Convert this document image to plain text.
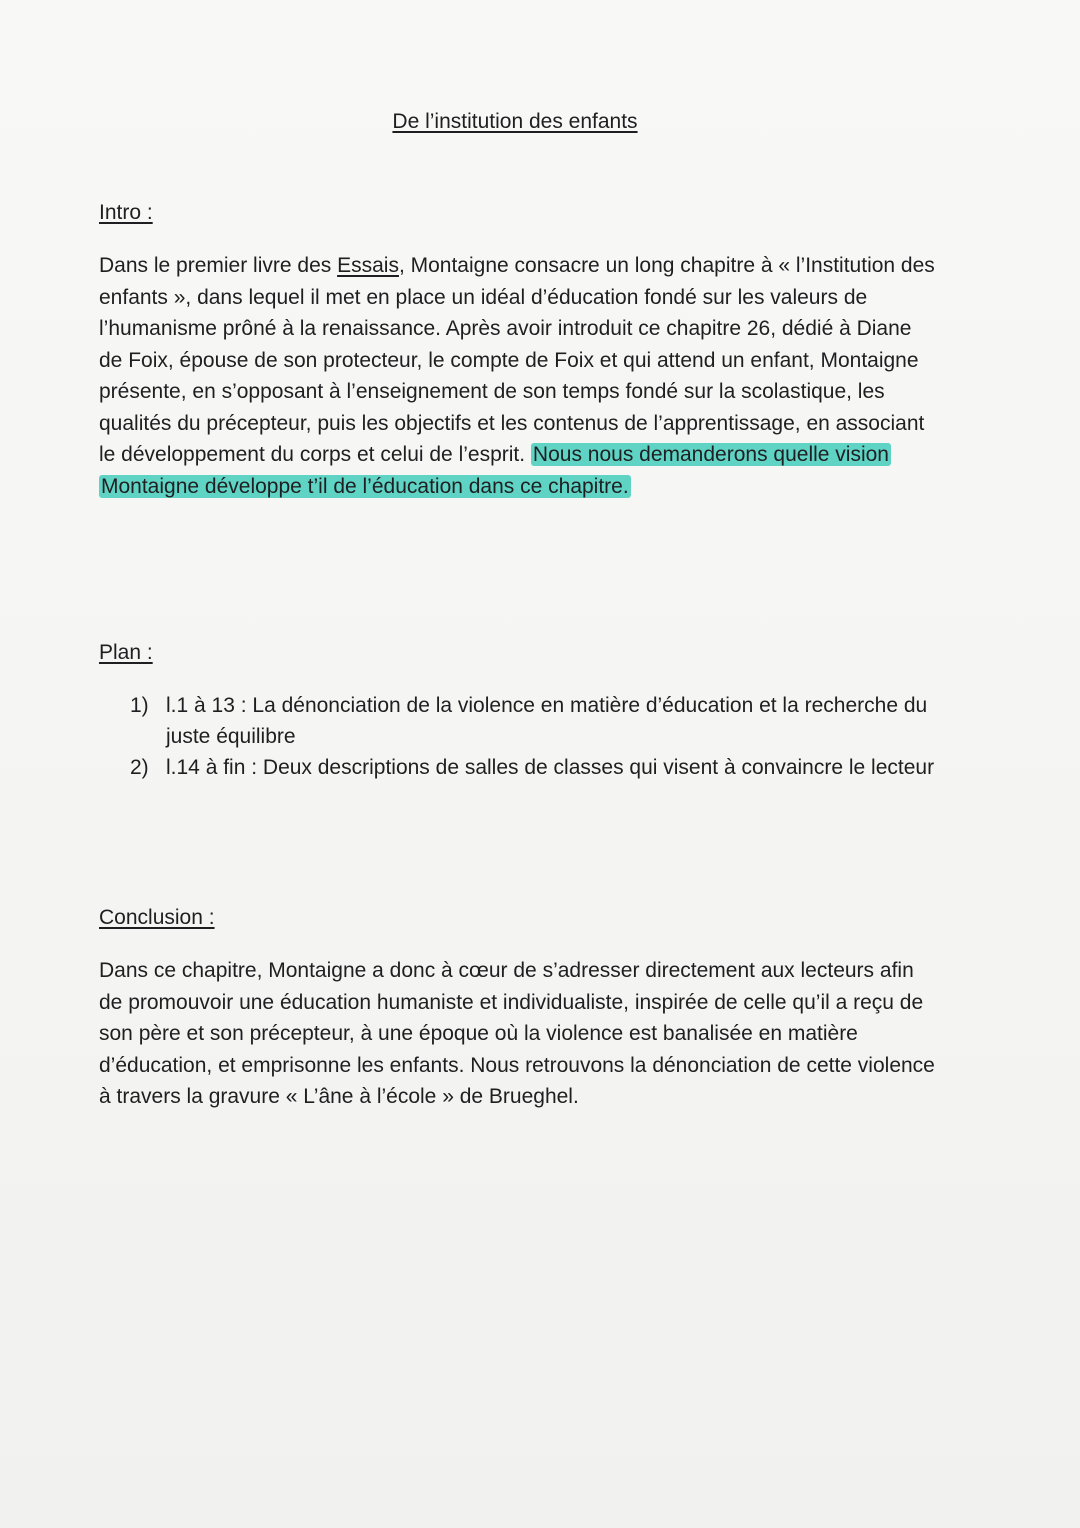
De l’institution des enfants
Intro :
Dans le premier livre des Essais, Montaigne consacre un long chapitre à « l’Institution des enfants », dans lequel il met en place un idéal d’éducation fondé sur les valeurs de l’humanisme prôné à la renaissance. Après avoir introduit ce chapitre 26, dédié à Diane de Foix, épouse de son protecteur, le compte de Foix et qui attend un enfant, Montaigne présente, en s’opposant à l’enseignement de son temps fondé sur la scolastique, les qualités du précepteur, puis les objectifs et les contenus de l’apprentissage, en associant le développement du corps et celui de l’esprit. Nous nous demanderons quelle vision Montaigne développe t’il de l’éducation dans ce chapitre.
Plan :
1) l.1 à 13 : La dénonciation de la violence en matière d’éducation et la recherche du juste équilibre
2) l.14 à fin : Deux descriptions de salles de classes qui visent à convaincre le lecteur
Conclusion :
Dans ce chapitre, Montaigne a donc à cœur de s’adresser directement aux lecteurs afin de promouvoir une éducation humaniste et individualiste, inspirée de celle qu’il a reçu de son père et son précepteur, à une époque où la violence est banalisée en matière d’éducation, et emprisonne les enfants. Nous retrouvons la dénonciation de cette violence à travers la gravure « L’âne à l’école » de Brueghel.
